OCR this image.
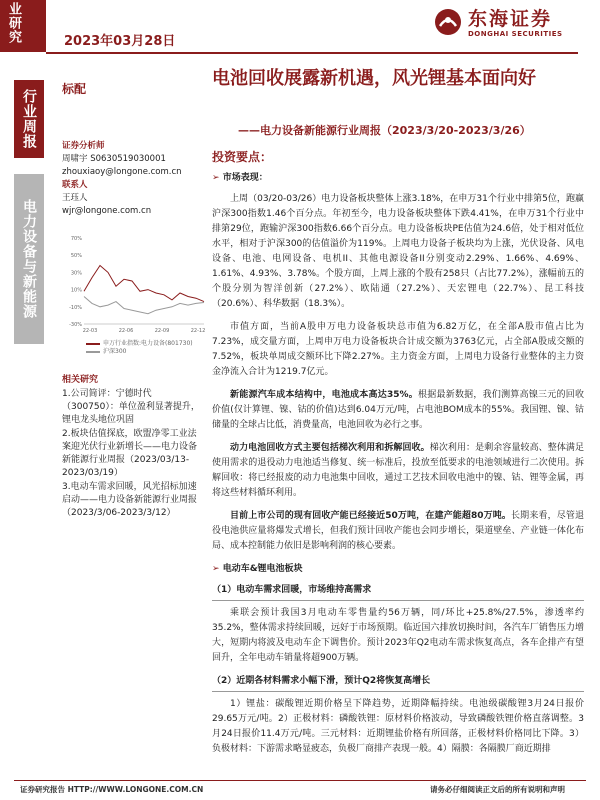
业研究	2023年03月28日
东海证券
DONGHAI SECURITIES
行业周报
电力设备与新能源
标配	电池回收展露新机遇，风光锂基本面向好
——电力设备新能源行业周报（2023/3/20-2023/3/26）
证券分析师
周啸宇 S0630519030001
zhouxiaoy@longone.com.cn
联系人
王珏人
wjr@longone.com.cn
70%
50%
30%
10%
-10%
-30%
22-03	22-06	22-09	22-12
申万行业指数:电力设备(801730)
沪深300
相关研究
1.公司简评：宁德时代（300750）：单位盈利显著提升，锂电龙头地位巩固
2.板块估值探底，欧盟净零工业法案迎光伏行业新增长——电力设备新能源行业周报（2023/03/13-2023/03/19）
3.电动车需求回暖，风光招标加速启动——电力设备新能源行业周报（2023/3/06-2023/3/12）
投资要点：
➢ 市场表现：

上周（03/20-03/26）电力设备板块整体上涨3.18%，在申万31个行业中排第5位，跑赢沪深300指数1.46个百分点。年初至今，电力设备板块整体下跌4.41%，在申万31个行业中排第29位，跑输沪深300指数6.66个百分点。电力设备板块PE估值为24.6倍，处于相对低位水平，相对于沪深300的估值溢价为119%。上周电力设备子板块均为上涨，光伏设备、风电设备、电池、电网设备、电机II、其他电源设备II分别变动2.29%、1.66%、4.69%、1.61%、4.93%、3.78%。个股方面，上周上涨的个股有258只（占比77.2%），涨幅前五的个股分别为智洋创新（27.2%）、欧陆通（27.2%）、天宏锂电（22.7%）、昆工科技（20.6%）、科华数据（18.3%）。

市值方面，当前A股申万电力设备板块总市值为6.82万亿，在全部A股市值占比为7.23%，成交量方面，上周申万电力设备板块合计成交额为3763亿元，占全部A股成交额的7.52%，板块单周成交额环比下降2.27%。主力资金方面，上周电力设备行业整体的主力资金净流入合计为1219.7亿元。

新能源汽车成本结构中，电池成本高达35%。根据最新数据，我们测算高镍三元的回收价值(仅计算锂、镍、钴的价值)达到6.04万元/吨，占电池BOM成本的55%。我国锂、镍、钴储量的全球占比低，消费量高，电池回收为必行之事。

动力电池回收方式主要包括梯次利用和拆解回收。梯次利用：是剩余容量较高、整体满足使用需求的退役动力电池适当修复、统一标准后，投放至低要求的电池领域进行二次使用。拆解回收：将已经报废的动力电池集中回收，通过工艺技术回收电池中的镍、钴、锂等金属，再将这些材料循环利用。

目前上市公司的现有回收产能已经接近50万吨，在建产能超80万吨。长期来看，尽管退役电池供应量将爆发式增长，但我们预计回收产能也会同步增长，渠道壁垒、产业链一体化布局、成本控制能力依旧是影响利润的核心要素。

➢ 电动车&锂电池板块
（1）电动车需求回暖，市场维持高需求

乘联会预计我国3月电动车零售量约56万辆，同/环比+25.8%/27.5%，渗透率约35.2%，整体需求持续回暖，远好于市场预期。临近国六排放切换时间，各汽车厂销售压力增大，短期内将波及电动车企下调售价。预计2023年Q2电动车需求恢复高点，各车企排产有望回升，全年电动车销量将超900万辆。

（2）近期各材料需求小幅下滑，预计Q2将恢复高增长

1）锂盐：碳酸锂近期价格呈下降趋势，近期降幅持续。电池级碳酸锂3月24日报价29.65万元/吨。2）正极材料：磷酸铁锂：原材料价格波动，导致磷酸铁锂价格直落调整。3月24日报价11.4万元/吨。三元材料：近期锂盐价格有所回落，正极材料价格同比下降。3）负极材料：下游需求略显疲态，负极厂商排产表现一般。4）隔膜：各隔膜厂商近期排

证券研究报告 HTTP://WWW.LONGONE.COM.CN	请务必仔细阅读正文后的所有说明和声明
